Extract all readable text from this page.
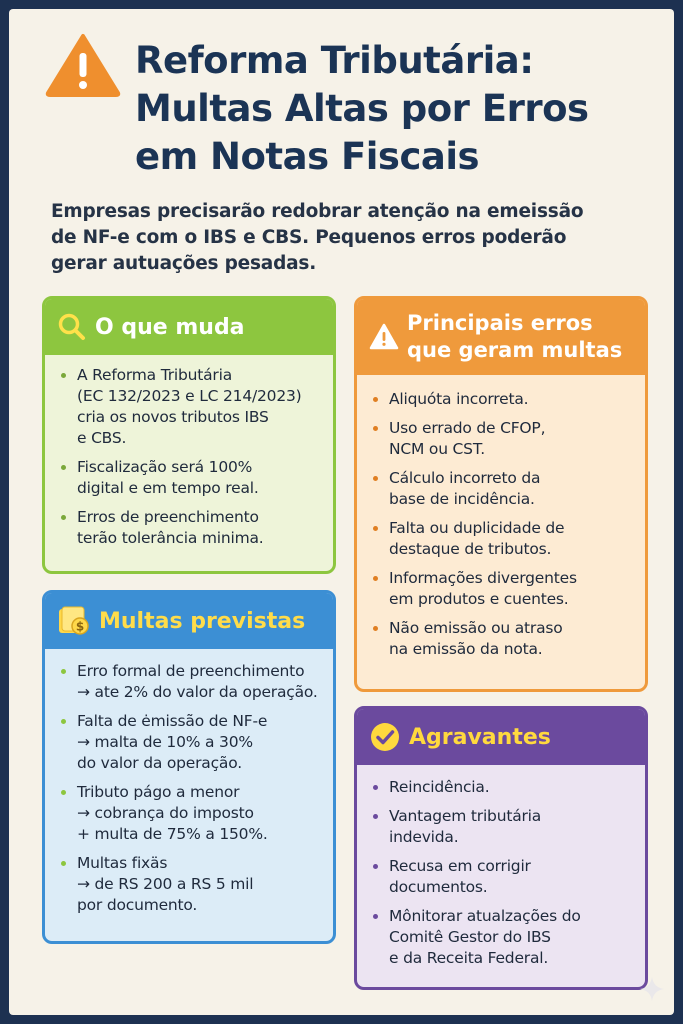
Reforma Tributária:
Multas Altas por Erros
em Notas Fiscais

Empresas precisarão redobrar atenção na emeissão
de NF-e com o IBS e CBS. Pequenos erros poderão
gerar autuações pesadas.

O que muda
A Reforma Tributária
(EC 132/2023 e LC 214/2023)
cria os novos tributos IBS
e CBS.
Fiscalização será 100%
digital e em tempo real.
Erros de preenchimento
terão tolerância minima.
Principais erros
que geram multas
Aliquóta incorreta.
Uso errado de CFOP,
NCM ou CST.
Cálculo incorreto da
base de incidência.
Falta ou duplicidade de
destaque de tributos.
Informações divergentes
em produtos e cuentes.
Não emissão ou atraso
na emissão da nota.
$ Multas previstas
Erro formal de preenchimento
→ ate 2% do valor da operação.
Falta de ėmissão de NF-e
→ malta de 10% a 30%
do valor da operação.
Tributo págo a menor
→ cobrança do imposto
+ multa de 75% a 150%.
Multas fixäs
→ de RS 200 a RS 5 mil
por documento.
Agravantes
Reincidência.
Vantagem tributária
indevida.
Recusa em corrigir
documentos.
Mônitorar atualzações do
Comitê Gestor do IBS
e da Receita Federal.
